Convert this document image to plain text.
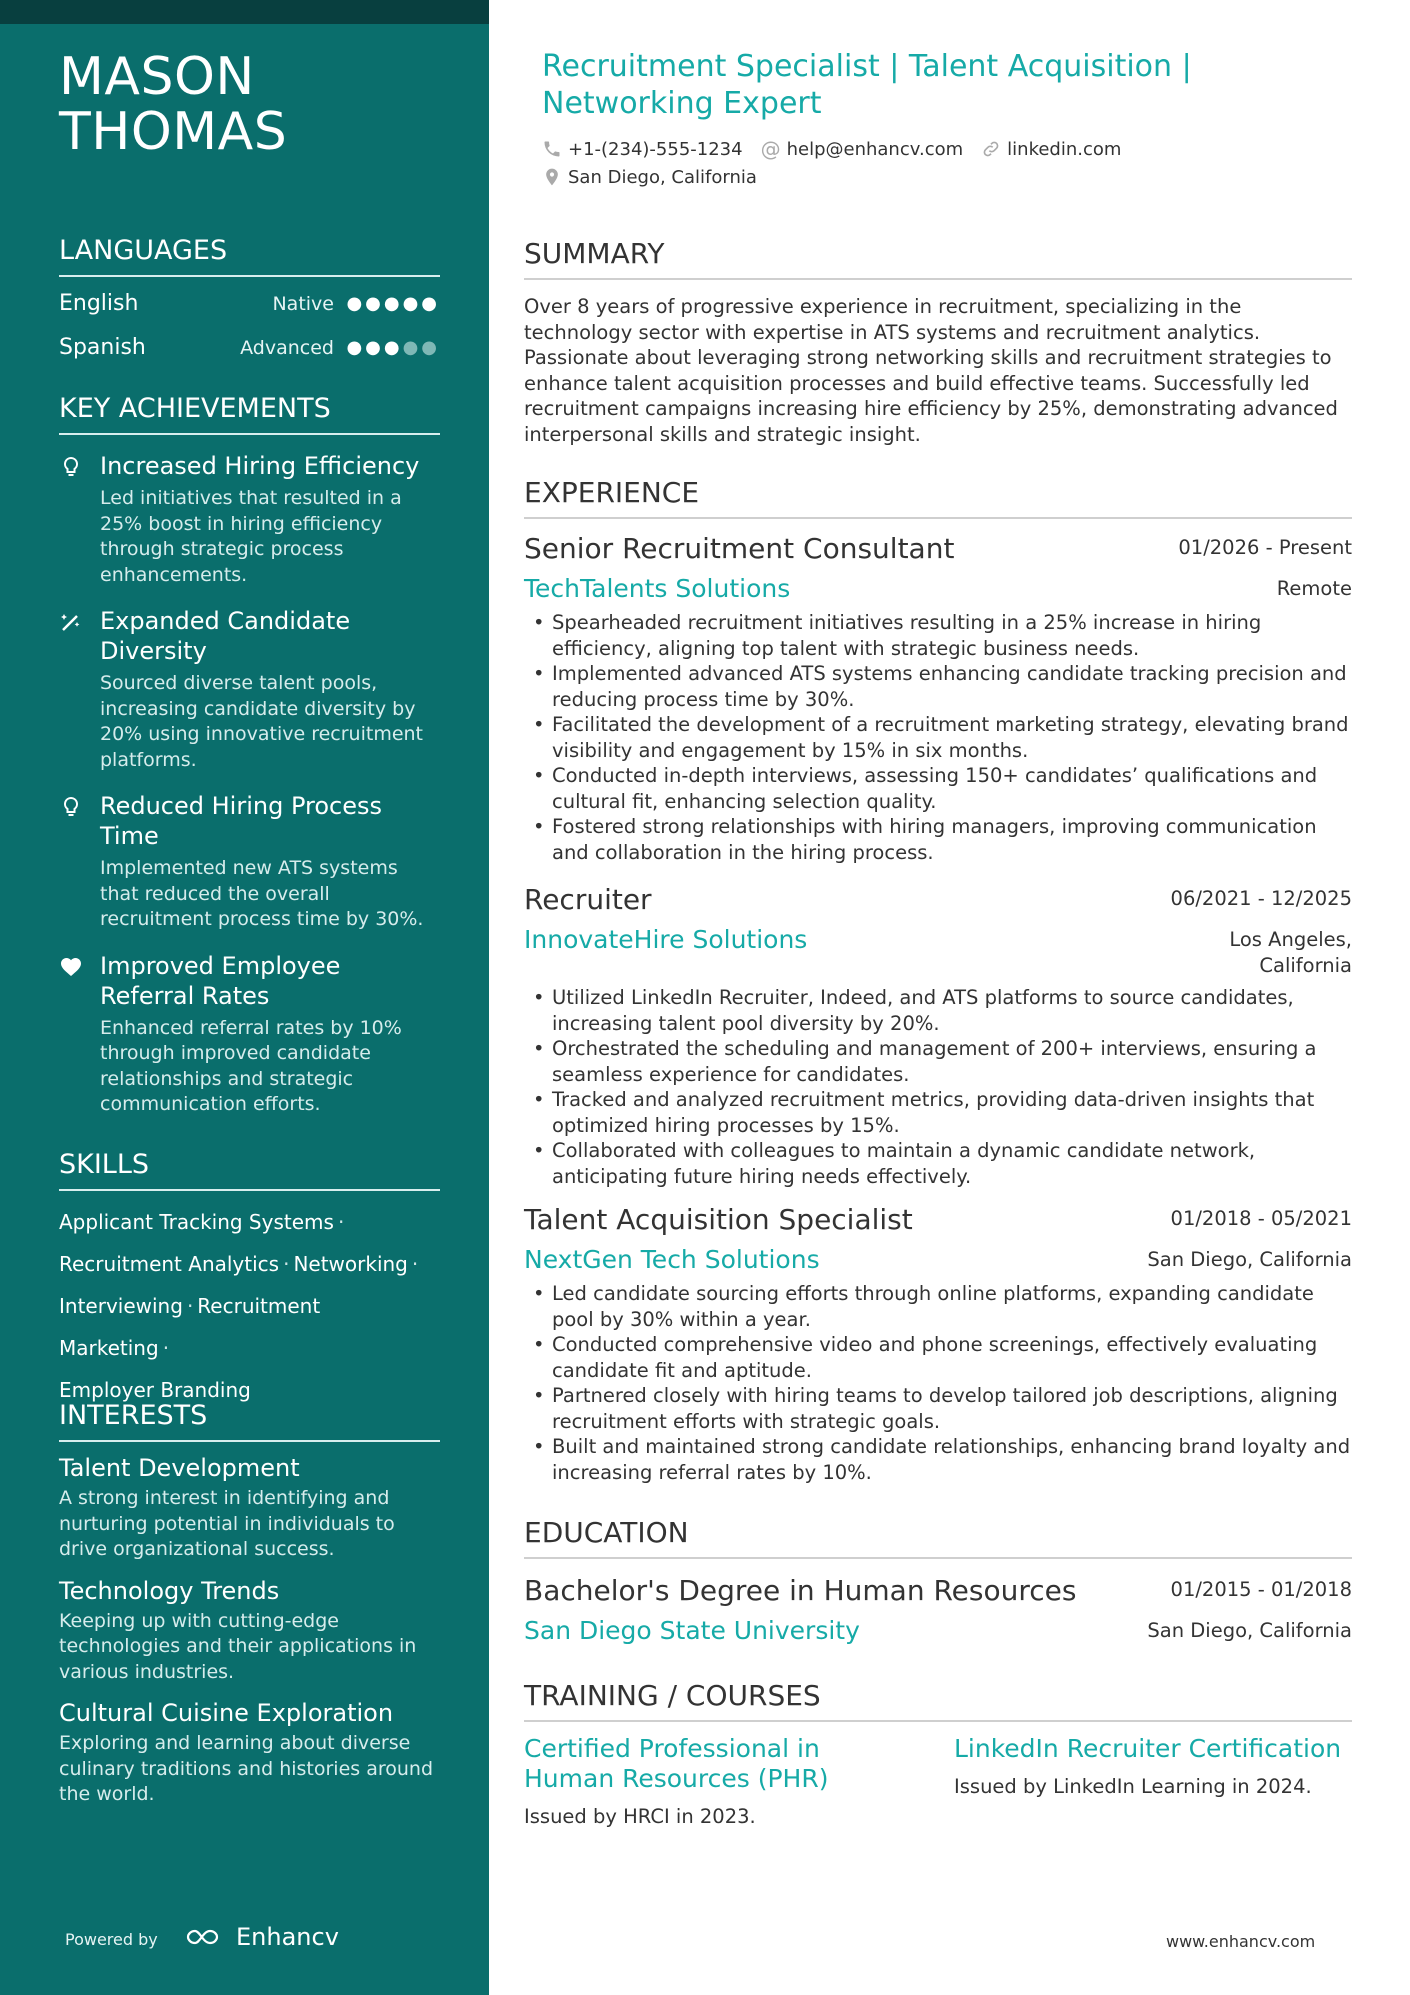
MASON
THOMAS
LANGUAGES
English	Native ●●●●●
Spanish	Advanced ●●●●●
KEY ACHIEVEMENTS
Increased Hiring Efficiency
Led initiatives that resulted in a 25% boost in hiring efficiency through strategic process enhancements.
Expanded Candidate Diversity
Sourced diverse talent pools, increasing candidate diversity by 20% using innovative recruitment platforms.
Reduced Hiring Process Time
Implemented new ATS systems that reduced the overall recruitment process time by 30%.
Improved Employee Referral Rates
Enhanced referral rates by 10% through improved candidate relationships and strategic communication efforts.
SKILLS
Applicant Tracking Systems ·
Recruitment Analytics · Networking ·
Interviewing · Recruitment Marketing ·
Employer Branding
INTERESTS
Talent Development
A strong interest in identifying and nurturing potential in individuals to drive organizational success.
Technology Trends
Keeping up with cutting-edge technologies and their applications in various industries.
Cultural Cuisine Exploration
Exploring and learning about diverse culinary traditions and histories around the world.
Powered by	Enhancv
Recruitment Specialist | Talent Acquisition |
Networking Expert
+1-(234)-555-1234 @ help@enhancv.com linkedin.com
San Diego, California
SUMMARY
Over 8 years of progressive experience in recruitment, specializing in the technology sector with expertise in ATS systems and recruitment analytics. Passionate about leveraging strong networking skills and recruitment strategies to enhance talent acquisition processes and build effective teams. Successfully led recruitment campaigns increasing hire efficiency by 25%, demonstrating advanced interpersonal skills and strategic insight.
EXPERIENCE
Senior Recruitment Consultant	01/2026 - Present
TechTalents Solutions	Remote
• Spearheaded recruitment initiatives resulting in a 25% increase in hiring efficiency, aligning top talent with strategic business needs.
• Implemented advanced ATS systems enhancing candidate tracking precision and reducing process time by 30%.
• Facilitated the development of a recruitment marketing strategy, elevating brand visibility and engagement by 15% in six months.
• Conducted in-depth interviews, assessing 150+ candidates’ qualifications and cultural fit, enhancing selection quality.
• Fostered strong relationships with hiring managers, improving communication and collaboration in the hiring process.
Recruiter	06/2021 - 12/2025
InnovateHire Solutions	Los Angeles, California
• Utilized LinkedIn Recruiter, Indeed, and ATS platforms to source candidates, increasing talent pool diversity by 20%.
• Orchestrated the scheduling and management of 200+ interviews, ensuring a seamless experience for candidates.
• Tracked and analyzed recruitment metrics, providing data-driven insights that optimized hiring processes by 15%.
• Collaborated with colleagues to maintain a dynamic candidate network, anticipating future hiring needs effectively.
Talent Acquisition Specialist	01/2018 - 05/2021
NextGen Tech Solutions	San Diego, California
• Led candidate sourcing efforts through online platforms, expanding candidate pool by 30% within a year.
• Conducted comprehensive video and phone screenings, effectively evaluating candidate fit and aptitude.
• Partnered closely with hiring teams to develop tailored job descriptions, aligning recruitment efforts with strategic goals.
• Built and maintained strong candidate relationships, enhancing brand loyalty and increasing referral rates by 10%.
EDUCATION
Bachelor's Degree in Human Resources	01/2015 - 01/2018
San Diego State University	San Diego, California
TRAINING / COURSES
Certified Professional in Human Resources (PHR)
Issued by HRCI in 2023.
LinkedIn Recruiter Certification
Issued by LinkedIn Learning in 2024.
www.enhancv.com
